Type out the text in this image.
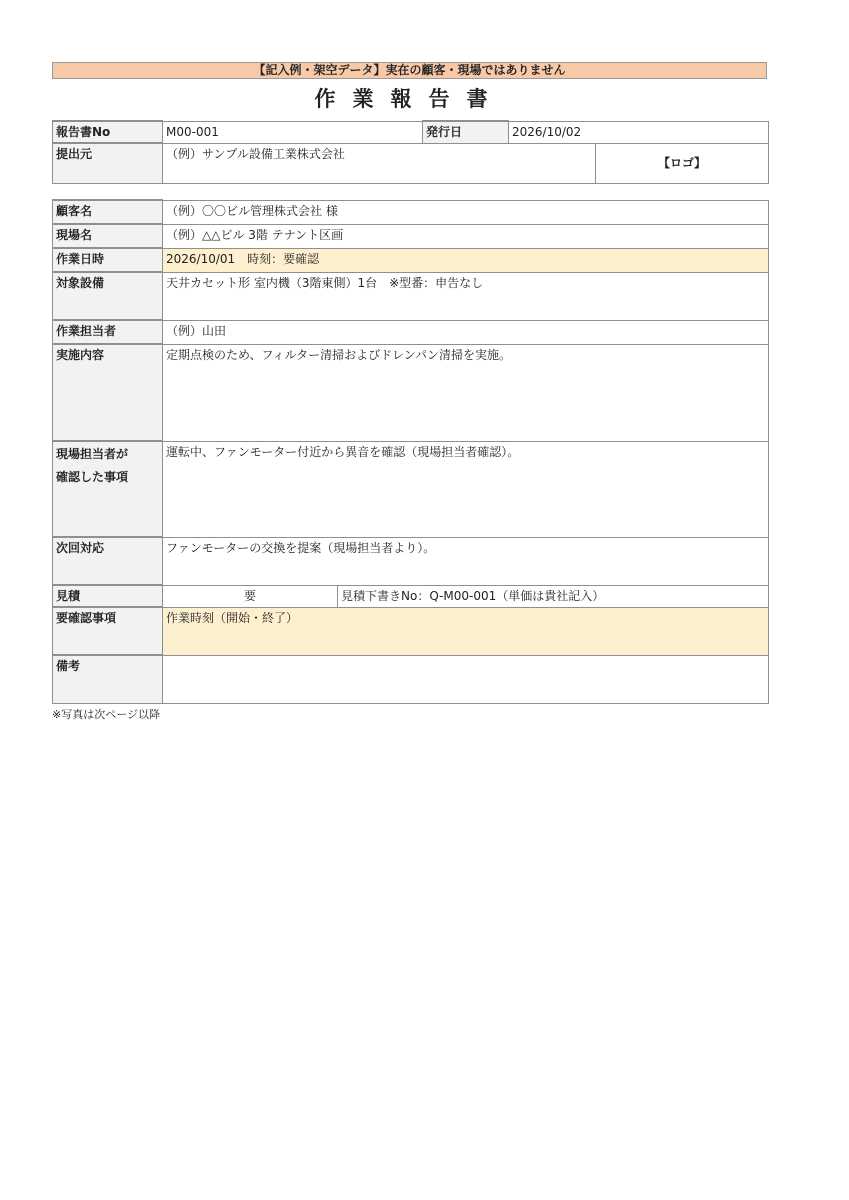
【記入例・架空データ】実在の顧客・現場ではありません
作業報告書
報告書No	M00-001	発行日	2026/10/02	
提出元	（例）サンプル設備工業株式会社			【ロゴ】
顧客名	（例）〇〇ビル管理株式会社 様	
現場名	（例）△△ビル 3階 テナント区画	
作業日時	2026/10/01　時刻：要確認	
対象設備	天井カセット形 室内機（3階東側）1台　※型番：申告なし	
作業担当者	（例）山田	
実施内容	定期点検のため、フィルター清掃およびドレンパン清掃を実施。	
現場担当者が
確認した事項	運転中、ファンモーター付近から異音を確認（現場担当者確認）。	
次回対応	ファンモーターの交換を提案（現場担当者より）。	
見積	要	見積下書きNo：Q-M00-001（単価は貴社記入）
要確認事項	作業時刻（開始・終了）	
備考		
※写真は次ページ以降
